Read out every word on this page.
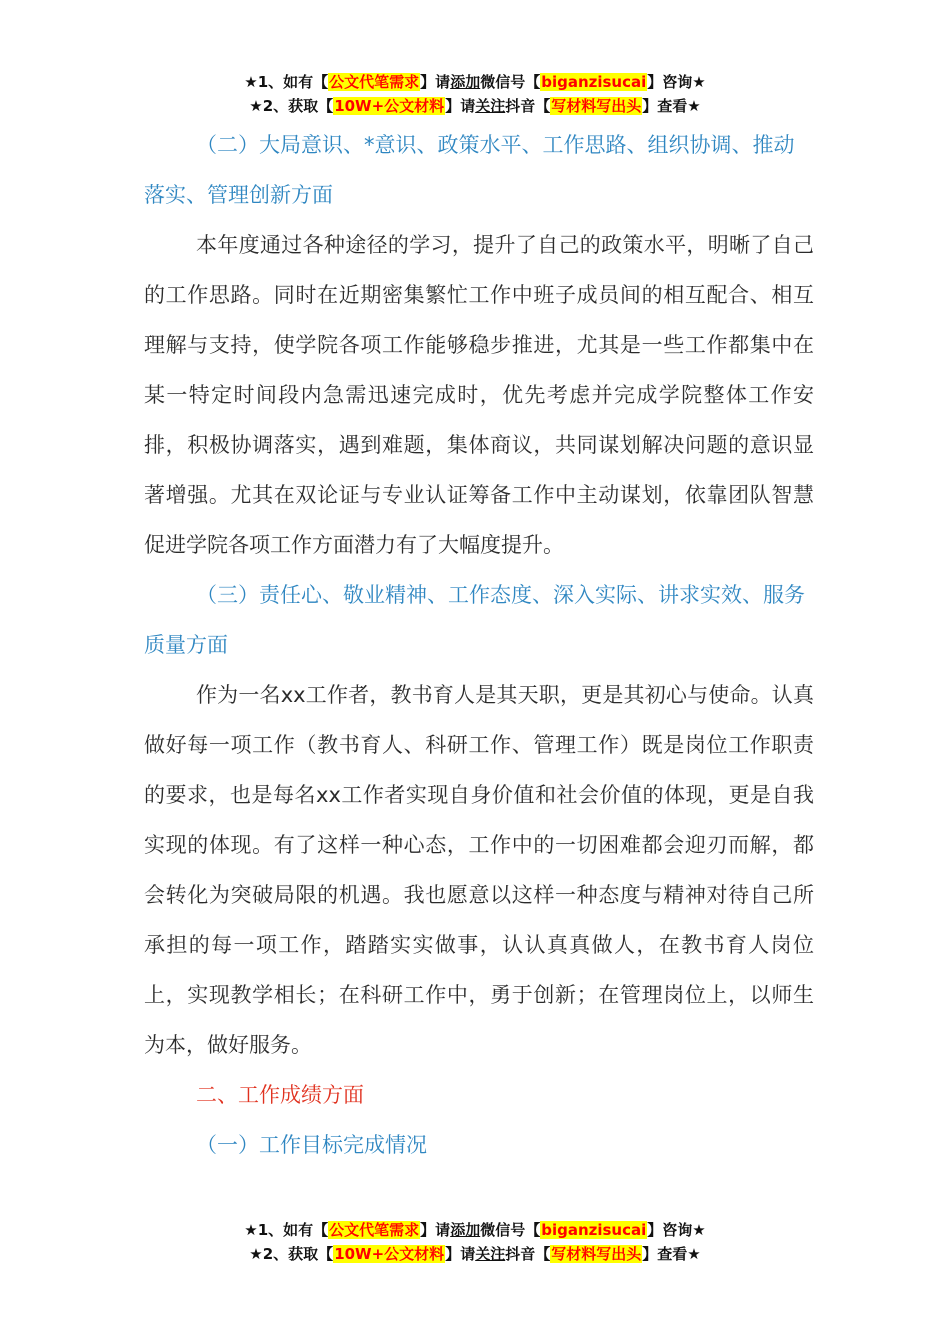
★1、如有【公文代笔需求】请添加微信号【biganzisucai】咨询★
★2、获取【10W+公文材料】请关注抖音【写材料写出头】查看★

（二）大局意识、*意识、政策水平、工作思路、组织协调、推动落实、管理创新方面

本年度通过各种途径的学习，提升了自己的政策水平，明晰了自己的工作思路。同时在近期密集繁忙工作中班子成员间的相互配合、相互理解与支持，使学院各项工作能够稳步推进，尤其是一些工作都集中在某一特定时间段内急需迅速完成时，优先考虑并完成学院整体工作安排，积极协调落实，遇到难题，集体商议，共同谋划解决问题的意识显著增强。尤其在双论证与专业认证筹备工作中主动谋划，依靠团队智慧促进学院各项工作方面潜力有了大幅度提升。

（三）责任心、敬业精神、工作态度、深入实际、讲求实效、服务质量方面

作为一名xx工作者，教书育人是其天职，更是其初心与使命。认真做好每一项工作（教书育人、科研工作、管理工作）既是岗位工作职责的要求，也是每名xx工作者实现自身价值和社会价值的体现，更是自我实现的体现。有了这样一种心态，工作中的一切困难都会迎刃而解，都会转化为突破局限的机遇。我也愿意以这样一种态度与精神对待自己所承担的每一项工作，踏踏实实做事，认认真真做人，在教书育人岗位上，实现教学相长；在科研工作中，勇于创新；在管理岗位上，以师生为本，做好服务。

二、工作成绩方面

（一）工作目标完成情况

★1、如有【公文代笔需求】请添加微信号【biganzisucai】咨询★
★2、获取【10W+公文材料】请关注抖音【写材料写出头】查看★
